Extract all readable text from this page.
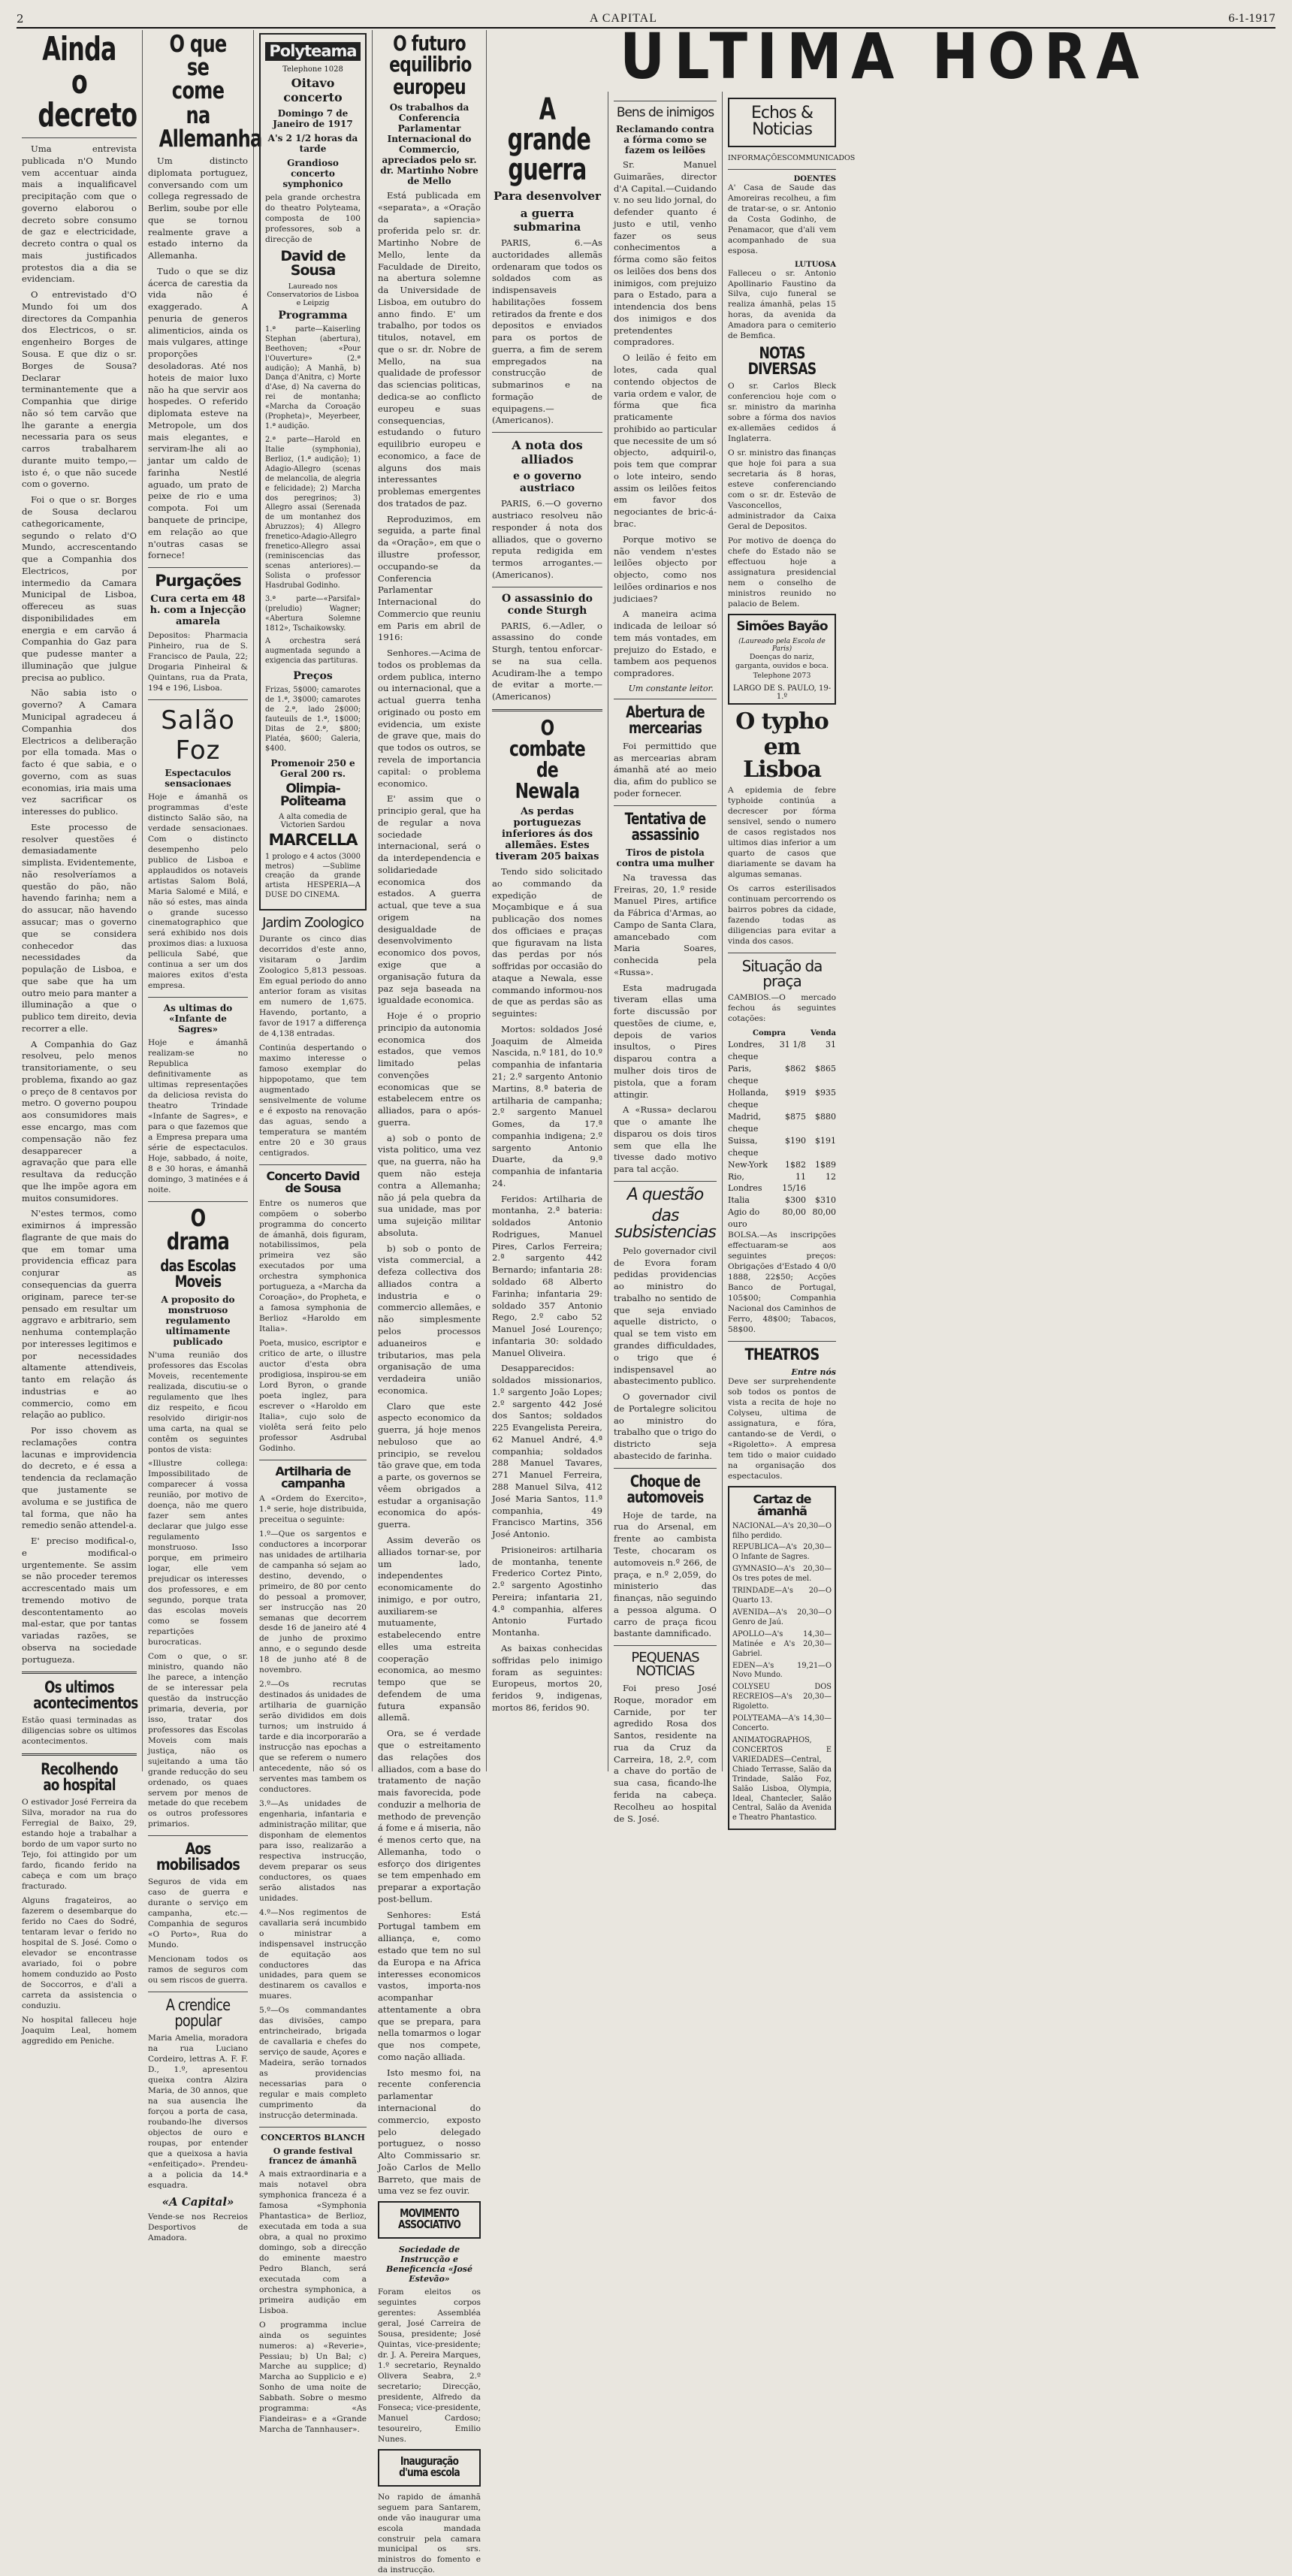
2	A CAPITAL	6-1-1917
Ainda o decreto

Uma entrevista publicada n'O Mundo vem accentuar ainda mais a inqualificavel precipitação com que o governo elaborou o decreto sobre consumo de gaz e electricidade, decreto contra o qual os mais justificados protestos dia a dia se evidenciam.

O entrevistado d'O Mundo foi um dos directores da Companhia dos Electricos, o sr. engenheiro Borges de Sousa. E que diz o sr. Borges de Sousa? Declarar terminantemente que a Companhia que dirige não só tem carvão que lhe garante a energia necessaria para os seus carros trabalharem durante muito tempo,—isto é, o que não sucede com o governo.

Foi o que o sr. Borges de Sousa declarou cathegoricamente, segundo o relato d'O Mundo, accrescentando que a Companhia dos Electricos, por intermedio da Camara Municipal de Lisboa, offereceu as suas disponibilidades em energia e em carvão á Companhia do Gaz para que pudesse manter a illuminação que julgue precisa ao publico.

Não sabia isto o governo? A Camara Municipal agradeceu á Companhia dos Electricos a deliberação por ella tomada. Mas o facto é que sabia, e o governo, com as suas economias, iria mais uma vez sacrificar os interesses do publico.

Este processo de resolver questões é demasiadamente simplista. Evidentemente, não resolveríamos a questão do pão, não havendo farinha; nem a do assucar, não havendo assucar; mas o governo que se considera conhecedor das necessidades da população de Lisboa, e que sabe que ha um outro meio para manter a illuminação a que o publico tem direito, devia recorrer a elle.

A Companhia do Gaz resolveu, pelo menos transitoriamente, o seu problema, fixando ao gaz o preço de 8 centavos por metro. O governo poupou aos consumidores mais esse encargo, mas com compensação não fez desapparecer a agravação que para elle resultava da reducção que lhe impõe agora em muitos consumidores.

N'estes termos, como eximirnos á impressão flagrante de que mais do que em tomar uma providencia efficaz para conjurar as consequencias da guerra originam, parece ter-se pensado em resultar um aggravo e arbitrario, sem nenhuma contemplação por interesses legitimos e por necessidades altamente attendiveis, tanto em relação ás industrias e ao commercio, como em relação ao publico.

Por isso chovem as reclamações contra lacunas e improvidencia do decreto, e é essa a tendencia da reclamação que justamente se avoluma e se justifica de tal forma, que não ha remedio senão attendel-a.

E' preciso modifical-o, e modifical-o urgentemente. Se assim se não proceder teremos accrescentado mais um tremendo motivo de descontentamento ao mal-estar, que por tantas variadas razões, se observa na sociedade portugueza.

Os ultimos acontecimentos

Estão quasi terminadas as diligencias sobre os ultimos acontecimentos.

Recolhendo ao hospital

O estivador José Ferreira da Silva, morador na rua do Ferregial de Baixo, 29, estando hoje a trabalhar a bordo de um vapor surto no Tejo, foi attingido por um fardo, ficando ferido na cabeça e com um braço fracturado.

Alguns fragateiros, ao fazerem o desembarque do ferido no Caes do Sodré, tentaram levar o ferido no hospital de S. José. Como o elevador se encontrasse avariado, foi o pobre homem conduzido ao Posto de Soccorros, e d'ali a carreta da assistencia o conduziu.

No hospital falleceu hoje Joaquim Leal, homem aggredido em Peniche.

O que se come
na Allemanha

Um distincto diplomata portuguez, conversando com um collega regressado de Berlim, soube por elle que se tornou realmente grave a estado interno da Allemanha.

Tudo o que se diz ácerca de carestia da vida não é exaggerado. A penuria de generos alimenticios, ainda os mais vulgares, attinge proporções desoladoras. Até nos hoteis de maior luxo não ha que servir aos hospedes. O referido diplomata esteve na Metropole, um dos mais elegantes, e serviram-lhe ali ao jantar um caldo de farinha Nestlé aguado, um prato de peixe de rio e uma compota. Foi um banquete de principe, em relação ao que n'outras casas se fornece!

Purgações
Cura certa em 48 h. com a Injecção amarela

Depositos: Pharmacia Pinheiro, rua de S. Francisco de Paula, 22; Drogaria Pinheiral & Quintans, rua da Prata, 194 e 196, Lisboa.

Salão Foz
Espectaculos sensacionaes

Hoje e ámanhã os programmas d'este distincto Salão são, na verdade sensacionaes. Com o distincto desempenho pelo publico de Lisboa e applaudidos os notaveis artistas Salom Bolá, Maria Salomé e Milá, e não só estes, mas ainda o grande sucesso cinematographico que será exhibido nos dois proximos dias: a luxuosa pellicula Sabé, que continua a ser um dos maiores exitos d'esta empresa.

As ultimas do «Infante de Sagres»

Hoje e ámanhã realizam-se no Republica definitivamente as ultimas representações da deliciosa revista do theatro Trindade «Infante de Sagres», e para o que fazemos que a Empresa prepara uma série de espectaculos. Hoje, sabbado, á noite, 8 e 30 horas, e ámanhã domingo, 3 matinées e á noite.

O drama
das Escolas Moveis
A proposito do monstruoso regulamento ultimamente publicado

N'uma reunião dos professores das Escolas Moveis, recentemente realizada, discutiu-se o regulamento que lhes diz respeito, e ficou resolvido dirigir-nos uma carta, na qual se contêm os seguintes pontos de vista:

«Illustre collega: Impossibilitado de comparecer á vossa reunião, por motivo de doença, não me quero fazer sem antes declarar que julgo esse regulamento monstruoso. Isso porque, em primeiro logar, elle vem prejudicar os interesses dos professores, e em segundo, porque trata das escolas moveis como se fossem repartições burocraticas.

Com o que, o sr. ministro, quando não lhe parece, a intenção de se interessar pela questão da instrucção primaria, deveria, por isso, tratar dos professores das Escolas Moveis com mais justiça, não os sujeitando a uma tão grande reducção do seu ordenado, os quaes servem por menos de metade do que recebem os outros professores primarios.

Aos mobilisados

Seguros de vida em caso de guerra e durante o serviço em campanha, etc.—Companhia de seguros «O Porto», Rua do Mundo.

Mencionam todos os ramos de seguros com ou sem riscos de guerra.

A crendice popular

Maria Amelia, moradora na rua Luciano Cordeiro, lettras A. F. F. D., 1.º, apresentou queixa contra Alzira Maria, de 30 annos, que na sua ausencia lhe forçou a porta de casa, roubando-lhe diversos objectos de ouro e roupas, por entender que a queixosa a havia «enfeitiçado». Prendeu-a a policia da 14.ª esquadra.

«A Capital»

Vende-se nos Recreios Desportivos de Amadora.

Polyteama
Telephone 1028
Oitavo concerto
Domingo 7 de Janeiro de 1917
A's 2 1/2 horas da tarde
Grandioso concerto symphonico

pela grande orchestra do theatro Polyteama, composta de 100 professores, sob a direcção de

David de Sousa
Laureado nos Conservatorios de Lisboa e Leipzig
Programma

1.ª parte—Kaiserling Stephan (abertura), Beethoven; «Pour l'Ouverture» (2.ª audição); A Manhã, b) Dança d'Anitra, c) Morte d'Ase, d) Na caverna do rei de montanha; «Marcha da Coroação (Propheta)», Meyerbeer, 1.ª audição.

2.ª parte—Harold en Italie (symphonia), Berlioz, (1.ª audição); 1) Adagio-Allegro (scenas de melancolia, de alegria e felicidade); 2) Marcha dos peregrinos; 3) Allegro assai (Serenada de um montanhez dos Abruzzos); 4) Allegro frenetico-Adagio-Allegro frenetico-Allegro assai (reminiscencias das scenas anteriores).—Solista o professor Hasdrubal Godinho.

3.ª parte—«Parsifal» (preludio) Wagner; «Abertura Solemne 1812», Tschaikowsky.

A orchestra será augmentada segundo a exigencia das partituras.

Preços

Frizas, 5$000; camarotes de 1.ª, 3$000; camarotes de 2.ª, lado 2$000; fauteuils de 1.ª, 1$000; Ditas de 2.ª, $800; Platéa, $600; Galeria, $400.

Promenoir 250 e Geral 200 rs.
Olimpia-Politeama
A alta comedia de Victorien Sardou
MARCELLA

1 prologo e 4 actos (3000 metros) —Sublime creação da grande artista HESPERIA—A DUSE DO CINEMA.

Jardim Zoologico

Durante os cinco dias decorridos d'este anno, visitaram o Jardim Zoologico 5,813 pessoas. Em egual periodo do anno anterior foram as visitas em numero de 1,675. Havendo, portanto, a favor de 1917 a differença de 4,138 entradas.

Continúa despertando o maximo interesse o famoso exemplar do hippopotamo, que tem augmentado sensivelmente de volume e é exposto na renovação das aguas, sendo a temperatura se mantém entre 20 e 30 graus centigrados.

Concerto David de Sousa

Entre os numeros que compõem o soberbo programma do concerto de ámanhã, dois figuram, notabilissimos, pela primeira vez são executados por uma orchestra symphonica portugueza, a «Marcha da Coroação», do Propheta, e a famosa symphonia de Berlioz «Haroldo em Italia».

Poeta, musico, escriptor e critico de arte, o illustre auctor d'esta obra prodigiosa, inspirou-se em Lord Byron, o grande poeta inglez, para escrever o «Haroldo em Italia», cujo solo de violêta será feito pelo professor Asdrubal Godinho.

Artilharia de campanha

A «Ordem do Exercito», 1.ª serie, hoje distribuida, preceitua o seguinte:

1.º—Que os sargentos e conductores a incorporar nas unidades de artilharia de campanha só sejam ao destino, devendo, o primeiro, de 80 por cento do pessoal a promover, ser instrucção nas 20 semanas que decorrem desde 16 de janeiro até 4 de junho de proximo anno, e o segundo desde 18 de junho até 8 de novembro.

2.º—Os recrutas destinados ás unidades de artilharia de guarnição serão divididos em dois turnos; um instruido á tarde e dia incorporarão a instrucção nas epochas a que se referem o numero antecedente, não só os serventes mas tambem os conductores.

3.º—As unidades de engenharia, infantaria e administração militar, que disponham de elementos para isso, realizarão a respectiva instrucção, devem preparar os seus conductores, os quaes serão alistados nas unidades.

4.º—Nos regimentos de cavallaria será incumbido o ministrar a indispensavel instrucção de equitação aos conductores das unidades, para quem se destinarem os cavallos e muares.

5.º—Os commandantes das divisões, campo entrincheirado, brigada de cavallaria e chefes do serviço de saude, Açores e Madeira, serão tornados as providencias necessarias para o regular e mais completo cumprimento da instrucção determinada.

CONCERTOS BLANCH
O grande festival francez de ámanhã

A mais extraordinaria e a mais notavel obra symphonica franceza é a famosa «Symphonia Phantastica» de Berlioz, executada em toda a sua obra, a qual no proximo domingo, sob a direcção do eminente maestro Pedro Blanch, será executada com a orchestra symphonica, a primeira audição em Lisboa.

O programma inclue ainda os seguintes numeros: a) «Reverie», Pessiau; b) Un Bal; c) Marche au supplice; d) Marcha ao Supplicio e e) Sonho de uma noite de Sabbath. Sobre o mesmo programma: «As Fiandeiras» e a «Grande Marcha de Tannhauser».

O futuro equilibrio
europeu
Os trabalhos da Conferencia Parlamentar Internacional do Commercio, apreciados pelo sr. dr. Martinho Nobre de Mello

Está publicada em «separata», a «Oração da sapiencia» proferida pelo sr. dr. Martinho Nobre de Mello, lente da Faculdade de Direito, na abertura solemne da Universidade de Lisboa, em outubro do anno findo. E' um trabalho, por todos os titulos, notavel, em que o sr. dr. Nobre de Mello, na sua qualidade de professor das sciencias politicas, dedica-se ao conflicto europeu e suas consequencias, estudando o futuro equilibrio europeu e economico, a face de alguns dos mais interessantes problemas emergentes dos tratados de paz.

Reproduzimos, em seguida, a parte final da «Oração», em que o illustre professor, occupando-se da Conferencia Parlamentar Internacional do Commercio que reuniu em Paris em abril de 1916:

Senhores.—Acima de todos os problemas da ordem publica, interno ou internacional, que a actual guerra tenha originado ou posto em evidencia, um existe de grave que, mais do que todos os outros, se revela de importancia capital: o problema economico.

E' assim que o principio geral, que ha de regular a nova sociedade internacional, será o da interdependencia e solidariedade economica dos estados. A guerra actual, que teve a sua origem na desigualdade de desenvolvimento economico dos povos, exige que a organisação futura da paz seja baseada na igualdade economica.

Hoje é o proprio principio da autonomia economica dos estados, que vemos limitado pelas convenções economicas que se estabelecem entre os alliados, para o após-guerra.

a) sob o ponto de vista politico, uma vez que, na guerra, não ha quem não esteja contra a Allemanha; não já pela quebra da sua unidade, mas por uma sujeição militar absoluta.

b) sob o ponto de vista commercial, a defeza collectiva dos alliados contra a industria e o commercio allemães, e não simplesmente pelos processos aduaneiros e tributarios, mas pela organisação de uma verdadeira união economica.

Claro que este aspecto economico da guerra, já hoje menos nebuloso que ao principio, se revelou tão grave que, em toda a parte, os governos se vêem obrigados a estudar a organisação economica do após-guerra.

Assim deverão os alliados tornar-se, por um lado, independentes economicamente do inimigo, e por outro, auxiliarem-se mutuamente, estabelecendo entre elles uma estreita cooperação economica, ao mesmo tempo que se defendem de uma futura expansão allemã.

Ora, se é verdade que o estreitamento das relações dos alliados, com a base do tratamento de nação mais favorecida, pode conduzir a melhoria de methodo de prevenção á fome e á miseria, não é menos certo que, na Allemanha, todo o esforço dos dirigentes se tem empenhado em preparar a exportação post-bellum.

Senhores: Está Portugal tambem em alliança, e, como estado que tem no sul da Europa e na Africa interesses economicos vastos, importa-nos acompanhar attentamente a obra que se prepara, para nella tomarmos o logar que nos compete, como nação alliada.

Isto mesmo foi, na recente conferencia parlamentar internacional do commercio, exposto pelo delegado portuguez, o nosso Alto Commissario sr. João Carlos de Mello Barreto, que mais de uma vez se fez ouvir.

MOVIMENTO ASSOCIATIVO
Sociedade de Instrucção e Beneficencia «José Estevão»

Foram eleitos os seguintes corpos gerentes: Assembléa geral, José Carreira de Sousa, presidente; José Quintas, vice-presidente; dr. J. A. Pereira Marques, 1.º secretario, Reynaldo Olivera Seabra, 2.º secretario; Direcção, presidente, Alfredo da Fonseca; vice-presidente, Manuel Cardoso; tesoureiro, Emilio Nunes.

Inauguração d'uma escola

No rapido de ámanhã seguem para Santarem, onde vão inaugurar uma escola mandada construir pela camara municipal os srs. ministros do fomento e da instrucção.

ULTIMA HORA
A grande guerra
Para desenvolver
a guerra submarina

PARIS, 6.—As auctoridades allemãs ordenaram que todos os soldados com as indispensaveis habilitações fossem retirados da frente e dos depositos e enviados para os portos de guerra, a fim de serem empregados na construcção de submarinos e na formação de equipagens.—(Americanos).

A nota dos alliados
e o governo austriaco

PARIS, 6.—O governo austriaco resolveu não responder á nota dos alliados, que o governo reputa redigida em termos arrogantes.—(Americanos).

O assassinio do conde Sturgh

PARIS, 6.—Adler, o assassino do conde Sturgh, tentou enforcar-se na sua cella. Acudiram-lhe a tempo de evitar a morte.—(Americanos)

O combate de Newala
As perdas portuguezas inferiores ás dos allemães. Estes tiveram 205 baixas

Tendo sido solicitado ao commando da expedição de Moçambique e á sua publicação dos nomes dos officiaes e praças que figuravam na lista das perdas por nós soffridas por occasião do ataque a Newala, esse commando informou-nos de que as perdas são as seguintes:

Mortos: soldados José Joaquim de Almeida Nascida, n.º 181, do 10.º companhia de infantaria 21; 2.º sargento Antonio Martins, 8.ª bateria de artilharia de campanha; 2.º sargento Manuel Gomes, da 17.ª companhia indigena; 2.º sargento Antonio Duarte, da 9.ª companhia de infantaria 24.

Feridos: Artilharia de montanha, 2.ª bateria: soldados Antonio Rodrigues, Manuel Pires, Carlos Ferreira; 2.ª sargento 442 Bernardo; infantaria 28: soldado 68 Alberto Farinha; infantaria 29: soldado 357 Antonio Rego, 2.º cabo 52 Manuel José Lourenço; infantaria 30: soldado Manuel Oliveira.

Desapparecidos: soldados missionarios, 1.º sargento João Lopes; 2.º sargento 442 José dos Santos; soldados 225 Evangelista Pereira, 62 Manuel André, 4.ª companhia; soldados 288 Manuel Tavares, 271 Manuel Ferreira, 288 Manuel Silva, 412 José Maria Santos, 11.ª companhia, 49 Francisco Martins, 356 José Antonio.

Prisioneiros: artilharia de montanha, tenente Frederico Cortez Pinto, 2.º sargento Agostinho Pereira; infantaria 21, 4.ª companhia, alferes Antonio Furtado Montanha.

As baixas conhecidas soffridas pelo inimigo foram as seguintes: Europeus, mortos 20, feridos 9, indigenas, mortos 86, feridos 90.

Bens de inimigos
Reclamando contra a fórma como se fazem os leilões

Sr. Manuel Guimarães, director d'A Capital.—Cuidando v. no seu lido jornal, do defender quanto é justo e util, venho fazer os seus conhecimentos a fórma como são feitos os leilões dos bens dos inimigos, com prejuizo para o Estado, para a intendencia dos bens dos inimigos e dos pretendentes compradores.

O leilão é feito em lotes, cada qual contendo objectos de varia ordem e valor, de fórma que fica praticamente prohibido ao particular que necessite de um só objecto, adquiril-o, pois tem que comprar o lote inteiro, sendo assim os leilões feitos em favor dos negociantes de bric-á-brac.

Porque motivo se não vendem n'estes leilões objecto por objecto, como nos leilões ordinarios e nos judiciaes?

A maneira acima indicada de leiloar só tem más vontades, em prejuizo do Estado, e tambem aos pequenos compradores.

Um constante leitor.
Abertura de mercearias

Foi permittido que as mercearias abram ámanhã até ao meio dia, afim do publico se poder fornecer.

Tentativa de assassinio
Tiros de pistola contra uma mulher

Na travessa das Freiras, 20, 1.º reside Manuel Pires, artifice da Fábrica d'Armas, ao Campo de Santa Clara, amancebado com Maria Soares, conhecida pela «Russa».

Esta madrugada tiveram ellas uma forte discussão por questões de ciume, e, depois de varios insultos, o Pires disparou contra a mulher dois tiros de pistola, que a foram attingir.

A «Russa» declarou que o amante lhe disparou os dois tiros sem que ella lhe tivesse dado motivo para tal acção.

A questão
das subsistencias

Pelo governador civil de Evora foram pedidas providencias ao ministro do trabalho no sentido de que seja enviado aquelle districto, o qual se tem visto em grandes difficuldades, o trigo que é indispensavel ao abastecimento publico.

O governador civil de Portalegre solicitou ao ministro do trabalho que o trigo do districto seja abastecido de farinha.

Choque de automoveis

Hoje de tarde, na rua do Arsenal, em frente ao cambista Teste, chocaram os automoveis n.º 266, de praça, e n.º 2,059, do ministerio das finanças, não seguindo a pessoa alguma. O carro de praça ficou bastante damnificado.

PEQUENAS NOTICIAS

Foi preso José Roque, morador em Carnide, por ter agredido Rosa dos Santos, residente na rua da Cruz da Carreira, 18, 2.º, com a chave do portão de sua casa, ficando-lhe ferida na cabeça. Recolheu ao hospital de S. José.

Echos & Noticias
INFORMAÇÕES COMMUNICADOS
DOENTES

A' Casa de Saude das Amoreiras recolheu, a fim de tratar-se, o sr. Antonio da Costa Godinho, de Penamacor, que d'ali vem acompanhado de sua esposa.

LUTUOSA

Falleceu o sr. Antonio Apollinario Faustino da Silva, cujo funeral se realiza ámanhã, pelas 15 horas, da avenida da Amadora para o cemiterio de Bemfica.

NOTAS DIVERSAS

O sr. Carlos Bleck conferenciou hoje com o sr. ministro da marinha sobre a fórma dos navios ex-allemães cedidos á Inglaterra.

O sr. ministro das finanças que hoje foi para a sua secretaria ás 8 horas, esteve conferenciando com o sr. dr. Estevão de Vasconcellos, administrador da Caixa Geral de Depositos.

Por motivo de doença do chefe do Estado não se effectuou hoje a assignatura presidencial nem o conselho de ministros reunido no palacio de Belem.

Simões Bayão
(Laureado pela Escola de Paris)

Doenças do nariz, garganta, ouvidos e boca. Telephone 2073

LARGO DE S. PAULO, 19-1.º
O typho
em Lisboa

A epidemia de febre typhoide continúa a decrescer por fórma sensivel, sendo o numero de casos registados nos ultimos dias inferior a um quarto de casos que diariamente se davam ha algumas semanas.

Os carros esterilisados continuam percorrendo os bairros pobres da cidade, fazendo todas as diligencias para evitar a vinda dos casos.

Situação da praça

CAMBIOS.—O mercado fechou ás seguintes cotações:

Compra	Venda
Londres, cheque
31 1/8	31
Paris, cheque
$862	$865
Hollanda, cheque
$919	$935
Madrid, cheque
$875	$880
Suissa, cheque
$190	$191
New-York	1$82	1$89
Rio, Londres
11 15/16
12
Italia	$300	$310
Agio do ouro
80,00 80,00

BOLSA.—As inscripções effectuaram-se aos seguintes preços: Obrigações d'Estado 4 0/0 1888, 22$50; Acções Banco de Portugal, 105$00; Companhia Nacional dos Caminhos de Ferro, 48$00; Tabacos, 58$00.

THEATROS
Entre nós

Deve ser surprehendente sob todos os pontos de vista a recita de hoje no Colyseu, ultima de assignatura, e fóra, cantando-se de Verdi, o «Rigoletto». A empresa tem tido o maior cuidado na organisação dos espectaculos.

Cartaz de ámanhã

NACIONAL—A's 20,30—O filho perdido.

REPUBLICA—A's 20,30—O Infante de Sagres.

GYMNASIO—A's 20,30—Os tres potes de mel.

TRINDADE—A's 20—O Quarto 13.

AVENIDA—A's 20,30—O Genro de Jaú.

APOLLO—A's 14,30—Matinée e A's 20,30—Gabriel.

EDEN—A's 19,21—O Novo Mundo.

COLYSEU DOS RECREIOS—A's 20,30—Rigoletto.

POLYTEAMA—A's 14,30—Concerto.

ANIMATOGRAPHOS, CONCERTOS E VARIEDADES—Central, Chiado Terrasse, Salão da Trindade, Salão Foz, Salão Lisboa, Olympia, Ideal, Chantecler, Salão Central, Salão da Avenida e Theatro Phantastico.
